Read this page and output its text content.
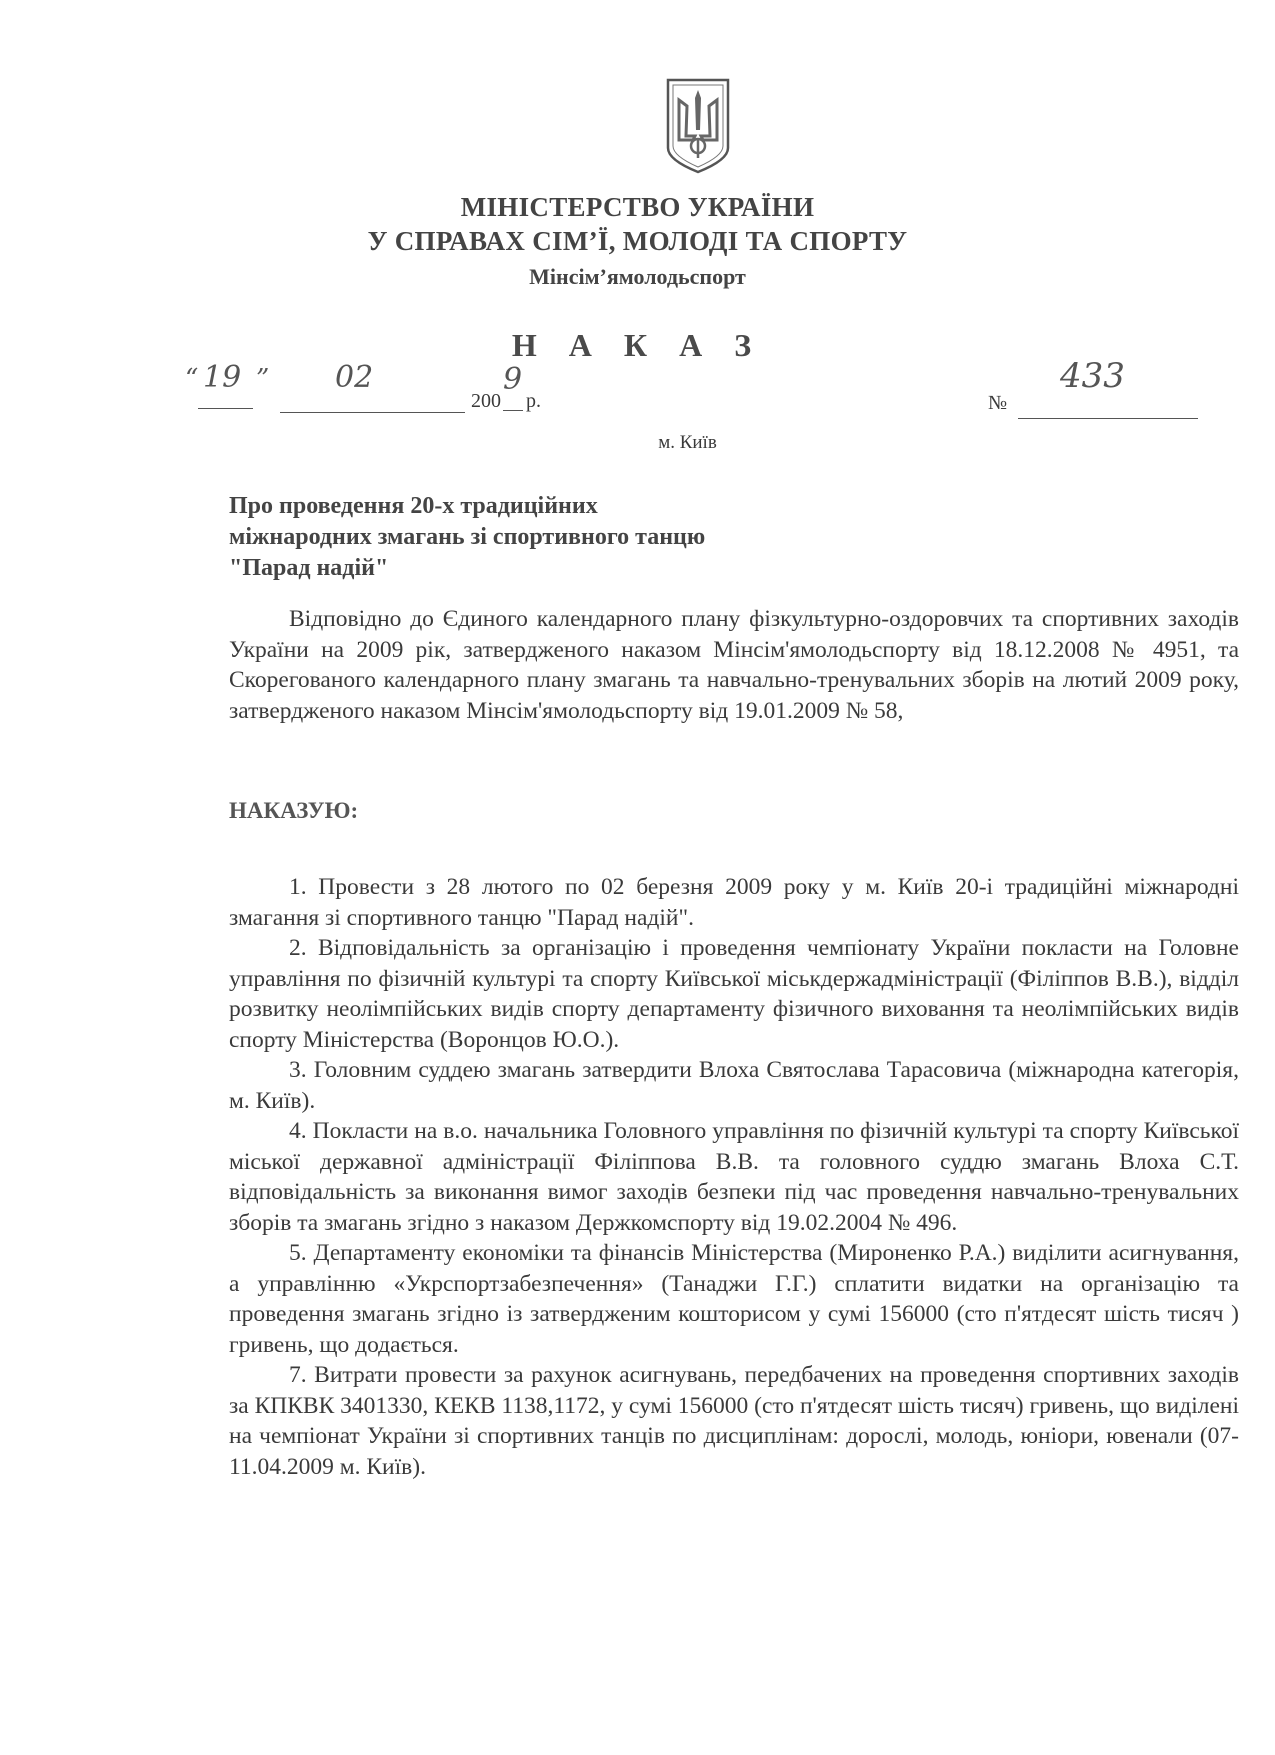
МІНІСТЕРСТВО УКРАЇНИ
У СПРАВАХ СІМ’Ї, МОЛОДІ ТА СПОРТУ
Мінсім’ямолодьспорт
Н А К А З
“ 19 ” 02
200
9
р.	№
433
м. Київ
Про проведення 20-х традиційних
міжнародних змагань зі спортивного танцю
"Парад надій"

Відповідно до Єдиного календарного плану фізкультурно-оздоровчих та спортивних заходів України на 2009 рік, затвердженого наказом Мінсім'ямолодьспорту від 18.12.2008 № 4951, та Скорегованого календарного плану змагань та навчально-тренувальних зборів на лютий 2009 року, затвердженого наказом Мінсім'ямолодьспорту від 19.01.2009 № 58,

НАКАЗУЮ:

1. Провести з 28 лютого по 02 березня 2009 року у м. Київ 20-і традиційні міжнародні змагання зі спортивного танцю "Парад надій".

2. Відповідальність за організацію і проведення чемпіонату України покласти на Головне управління по фізичній культурі та спорту Київської міськдержадміністрації (Філіппов В.В.), відділ розвитку неолімпійських видів спорту департаменту фізичного виховання та неолімпійських видів спорту Міністерства (Воронцов Ю.О.).

3. Головним суддею змагань затвердити Влоха Святослава Тарасовича (міжнародна категорія, м. Київ).

4. Покласти на в.о. начальника Головного управління по фізичній культурі та спорту Київської міської державної адміністрації Філіппова В.В. та головного суддю змагань Влоха С.Т. відповідальність за виконання вимог заходів безпеки під час проведення навчально-тренувальних зборів та змагань згідно з наказом Держкомспорту від 19.02.2004 № 496.

5. Департаменту економіки та фінансів Міністерства (Мироненко Р.А.) виділити асигнування, а управлінню «Укрспортзабезпечення» (Танаджи Г.Г.) сплатити видатки на організацію та проведення змагань згідно із затвердженим кошторисом у сумі 156000 (сто п'ятдесят шість тисяч ) гривень, що додається.

7. Витрати провести за рахунок асигнувань, передбачених на проведення спортивних заходів за КПКВК 3401330, КЕКВ 1138,1172, у сумі 156000 (сто п'ятдесят шість тисяч) гривень, що виділені на чемпіонат України зі спортивних танців по дисциплінам: дорослі, молодь, юніори, ювенали (07-11.04.2009 м. Київ).
